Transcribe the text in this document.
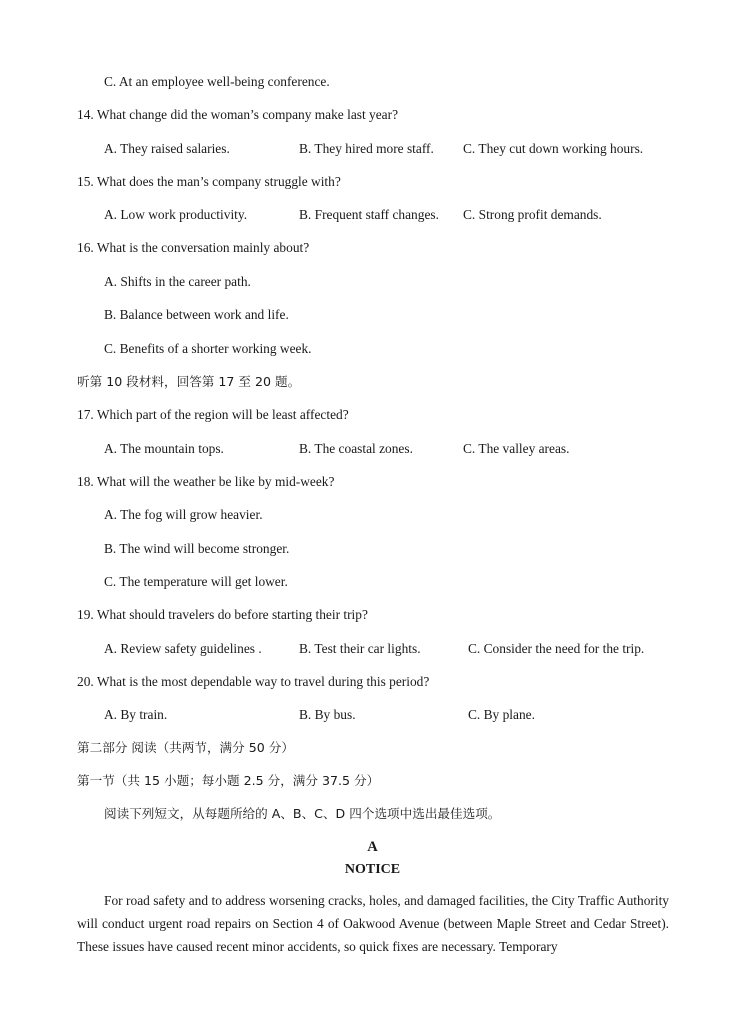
C. At an employee well-being conference.
14. What change did the woman’s company make last year?
A. They raised salaries.	B. They hired more staff. C. They cut down working hours.
15. What does the man’s company struggle with?
A. Low work productivity.	B. Frequent staff changes. C. Strong profit demands.
16. What is the conversation mainly about?
A. Shifts in the career path.
B. Balance between work and life.
C. Benefits of a shorter working week.
听第 10 段材料，回答第 17 至 20 题。
17. Which part of the region will be least affected?
A. The mountain tops.	B. The coastal zones.	C. The valley areas.
18. What will the weather be like by mid-week?
A. The fog will grow heavier.
B. The wind will become stronger.
C. The temperature will get lower.
19. What should travelers do before starting their trip?
A. Review safety guidelines .	B. Test their car lights.	C. Consider the need for the trip.
20. What is the most dependable way to travel during this period?
A. By train.	B. By bus.	C. By plane.
第二部分 阅读（共两节，满分 50 分）
第一节（共 15 小题；每小题 2.5 分，满分 37.5 分）
阅读下列短文，从每题所给的 A、B、C、D 四个选项中选出最佳选项。
A
NOTICE

For road safety and to address worsening cracks, holes, and damaged facilities, the City Traffic Authority will conduct urgent road repairs on Section 4 of Oakwood Avenue (between Maple Street and Cedar Street). These issues have caused recent minor accidents, so quick fixes are necessary. Temporary
